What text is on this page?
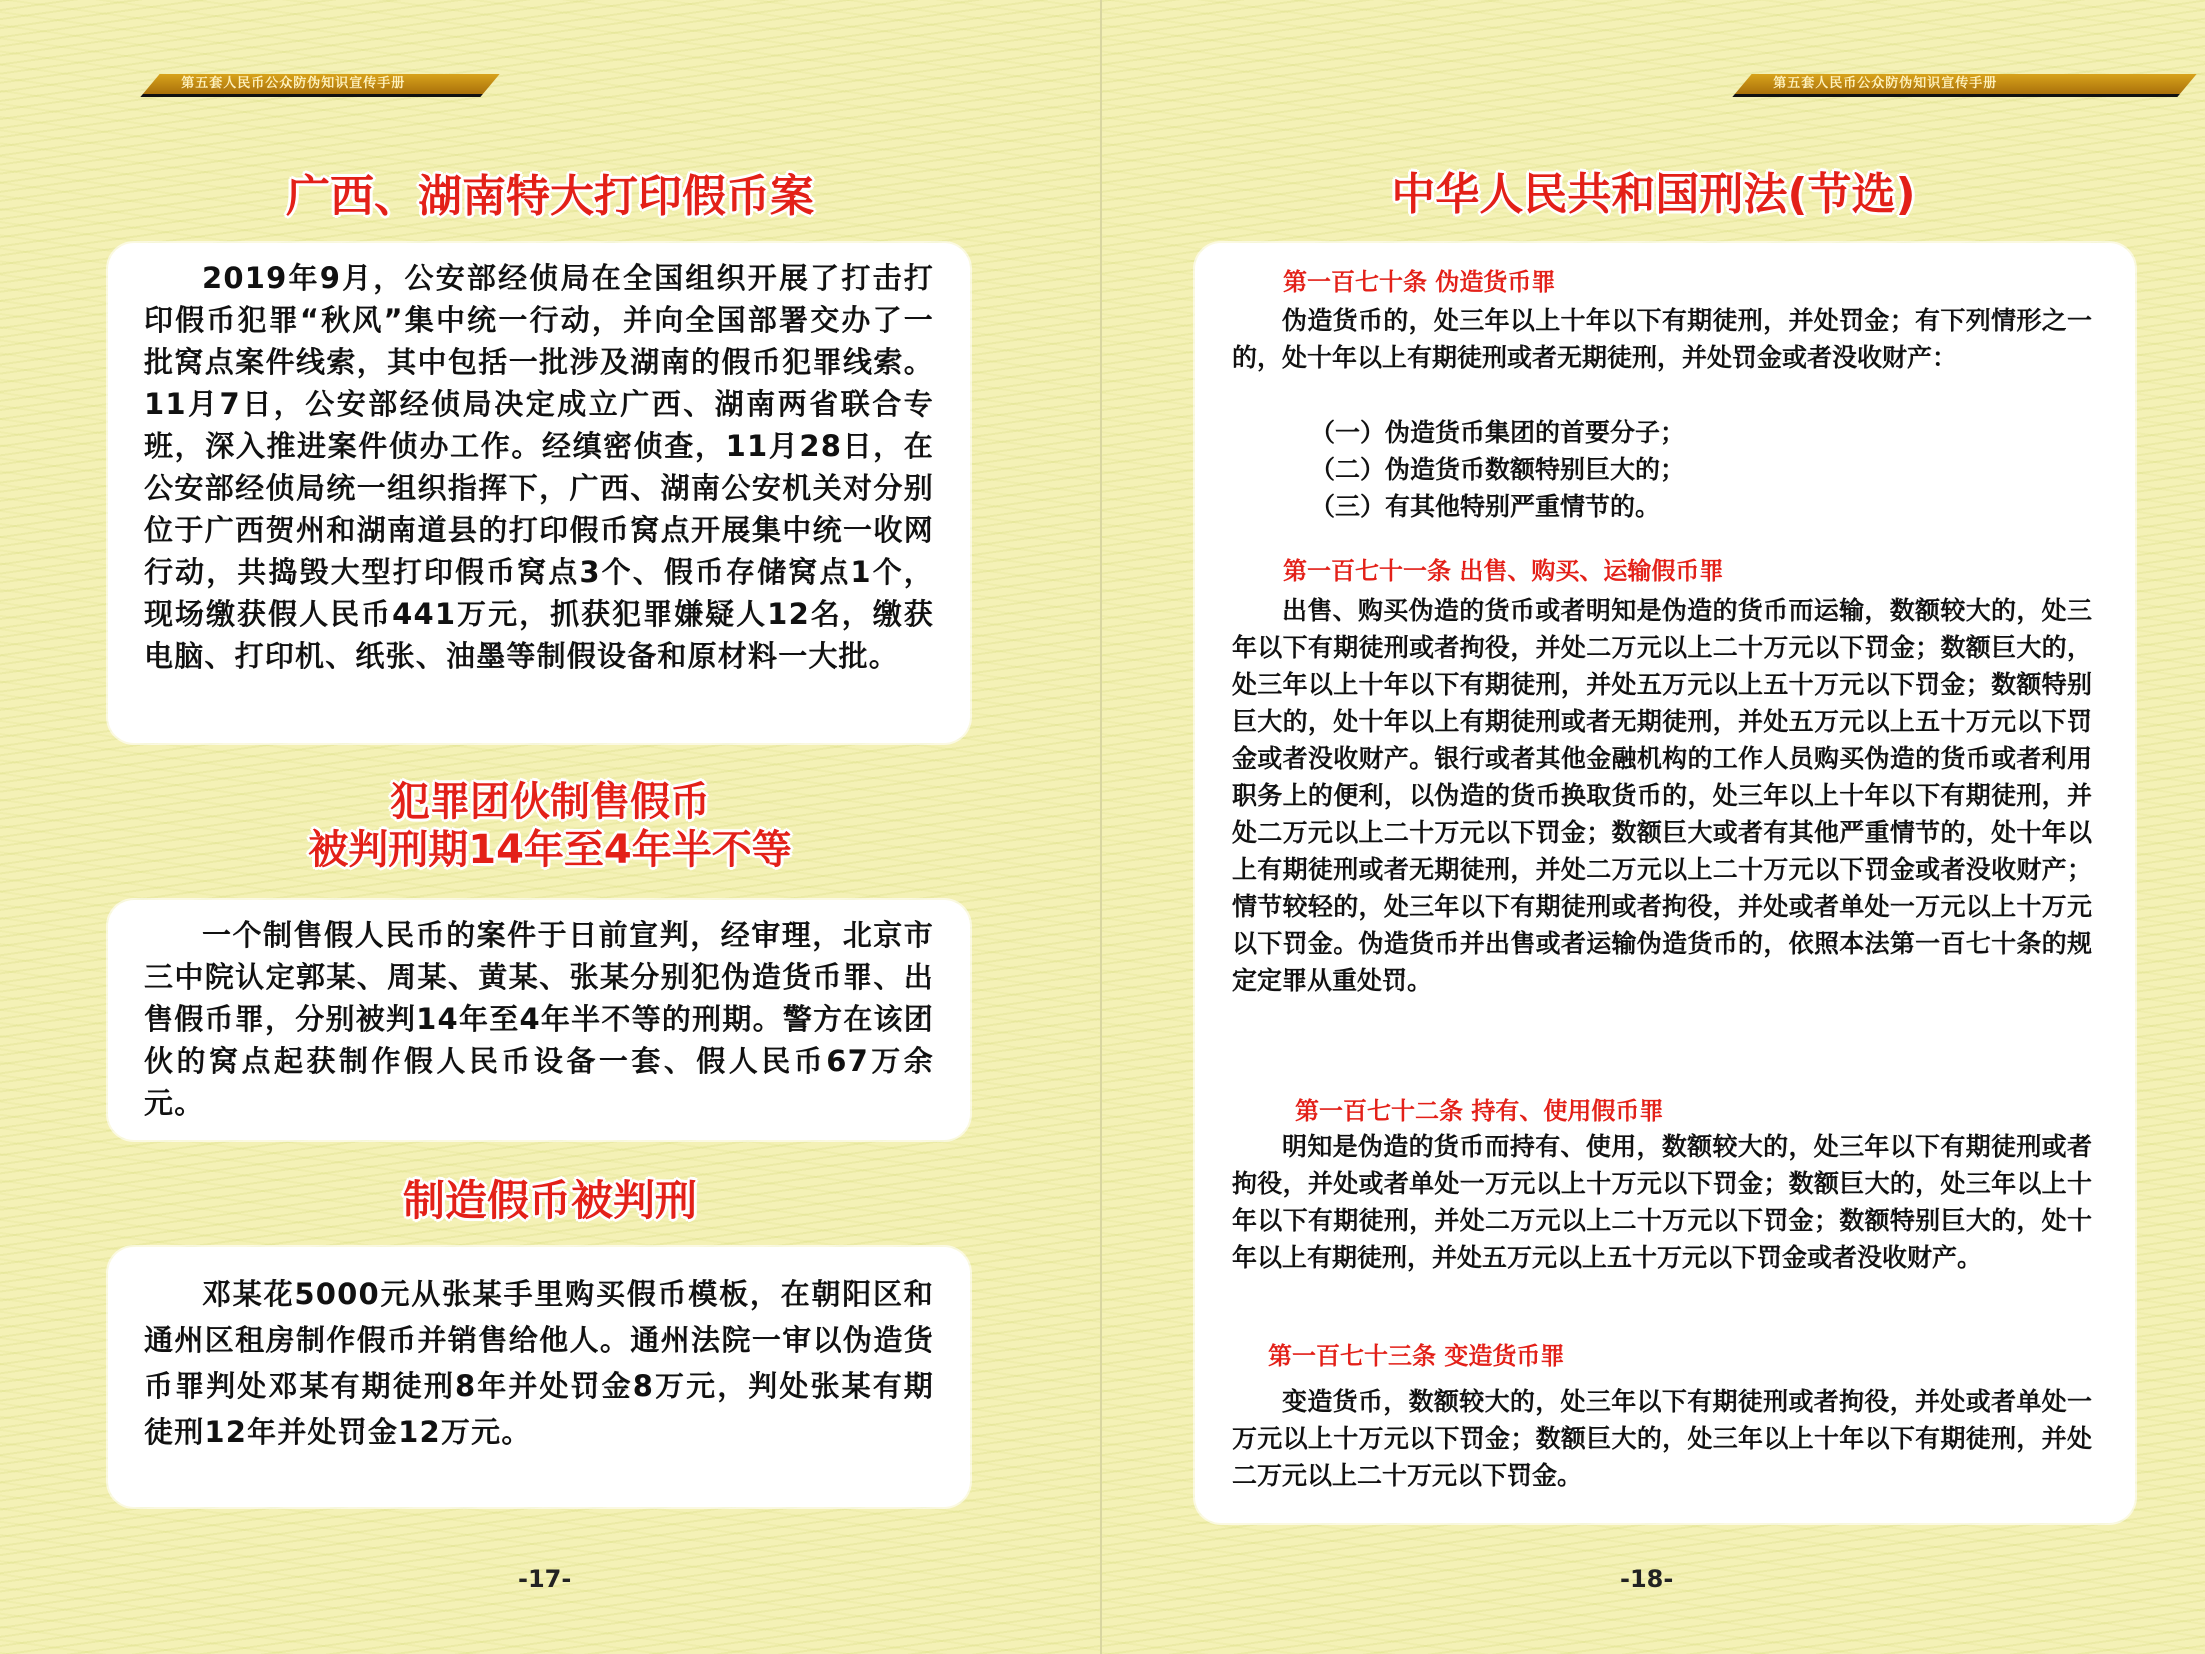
第五套人民币公众防伪知识宣传手册
广西、湖南特大打印假币案

2019年9月，公安部经侦局在全国组织开展了打击打印假币犯罪“秋风”集中统一行动，并向全国部署交办了一批窝点案件线索，其中包括一批涉及湖南的假币犯罪线索。11月7日，公安部经侦局决定成立广西、湖南两省联合专班，深入推进案件侦办工作。经缜密侦查，11月28日，在公安部经侦局统一组织指挥下，广西、湖南公安机关对分别位于广西贺州和湖南道县的打印假币窝点开展集中统一收网行动，共捣毁大型打印假币窝点3个、假币存储窝点1个，现场缴获假人民币441万元，抓获犯罪嫌疑人12名，缴获电脑、打印机、纸张、油墨等制假设备和原材料一大批。

犯罪团伙制售假币
被判刑期14年至4年半不等

一个制售假人民币的案件于日前宣判，经审理，北京市三中院认定郭某、周某、黄某、张某分别犯伪造货币罪、出售假币罪，分别被判14年至4年半不等的刑期。警方在该团伙的窝点起获制作假人民币设备一套、假人民币67万余元。

制造假币被判刑

邓某花5000元从张某手里购买假币模板，在朝阳区和通州区租房制作假币并销售给他人。通州法院一审以伪造货币罪判处邓某有期徒刑8年并处罚金8万元，判处张某有期徒刑12年并处罚金12万元。

-17-
第五套人民币公众防伪知识宣传手册
中华人民共和国刑法(节选)
第一百七十条 伪造货币罪

伪造货币的，处三年以上十年以下有期徒刑，并处罚金；有下列情形之一的，处十年以上有期徒刑或者无期徒刑，并处罚金或者没收财产：

（一）伪造货币集团的首要分子；
（二）伪造货币数额特别巨大的；
（三）有其他特别严重情节的。
第一百七十一条 出售、购买、运输假币罪

出售、购买伪造的货币或者明知是伪造的货币而运输，数额较大的，处三年以下有期徒刑或者拘役，并处二万元以上二十万元以下罚金；数额巨大的，处三年以上十年以下有期徒刑，并处五万元以上五十万元以下罚金；数额特别巨大的，处十年以上有期徒刑或者无期徒刑，并处五万元以上五十万元以下罚金或者没收财产。银行或者其他金融机构的工作人员购买伪造的货币或者利用职务上的便利，以伪造的货币换取货币的，处三年以上十年以下有期徒刑，并处二万元以上二十万元以下罚金；数额巨大或者有其他严重情节的，处十年以上有期徒刑或者无期徒刑，并处二万元以上二十万元以下罚金或者没收财产；情节较轻的，处三年以下有期徒刑或者拘役，并处或者单处一万元以上十万元以下罚金。伪造货币并出售或者运输伪造货币的，依照本法第一百七十条的规定定罪从重处罚。

第一百七十二条 持有、使用假币罪

明知是伪造的货币而持有、使用，数额较大的，处三年以下有期徒刑或者拘役，并处或者单处一万元以上十万元以下罚金；数额巨大的，处三年以上十年以下有期徒刑，并处二万元以上二十万元以下罚金；数额特别巨大的，处十年以上有期徒刑，并处五万元以上五十万元以下罚金或者没收财产。

第一百七十三条 变造货币罪

变造货币，数额较大的，处三年以下有期徒刑或者拘役，并处或者单处一万元以上十万元以下罚金；数额巨大的，处三年以上十年以下有期徒刑，并处二万元以上二十万元以下罚金。

-18-
